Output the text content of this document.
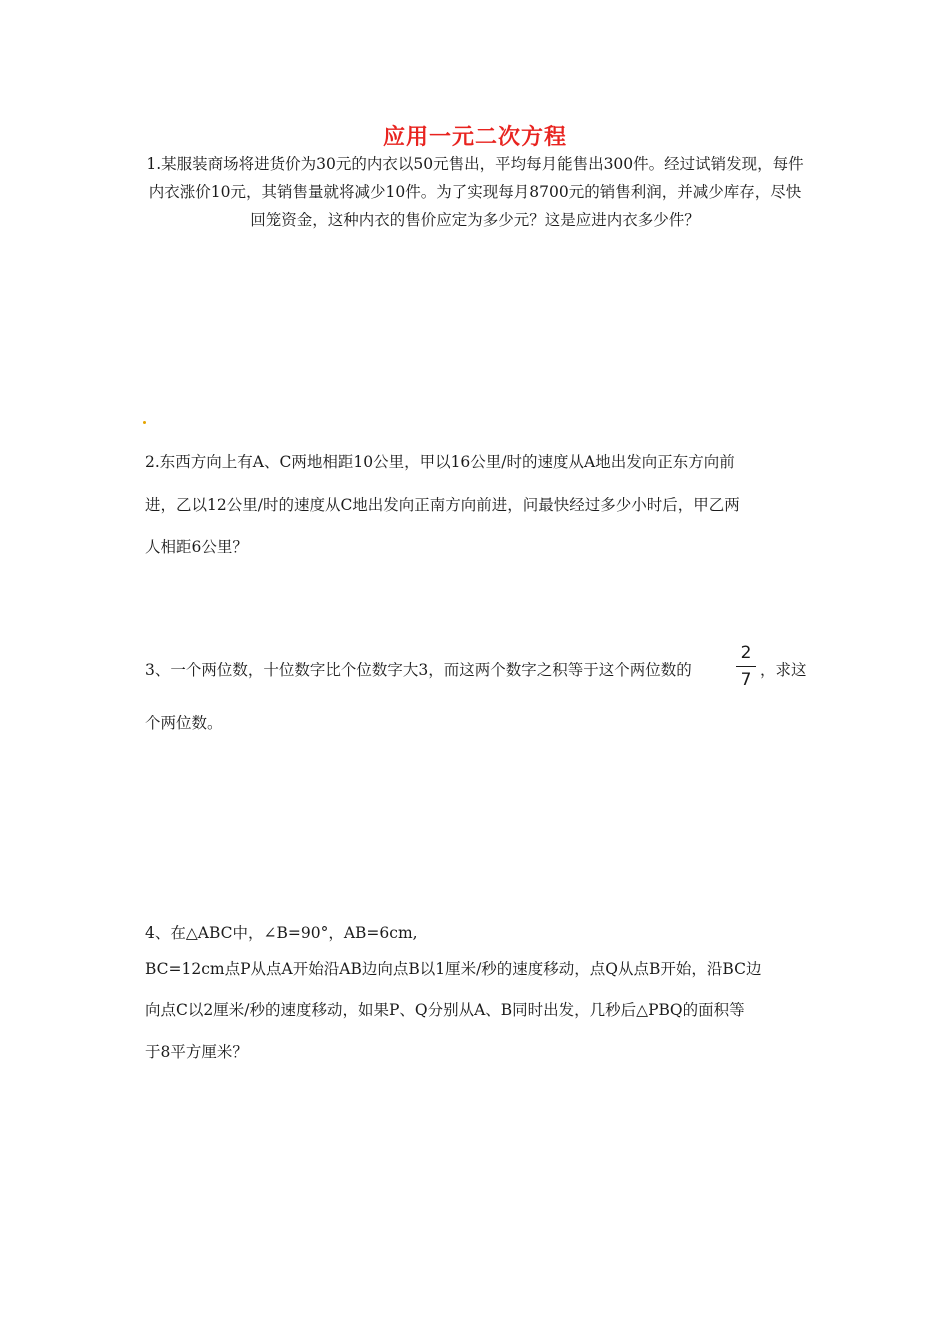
应用一元二次方程
1.某服装商场将进货价为30元的内衣以50元售出，平均每月能售出300件。经过试销发现，每件内衣涨价10元，其销售量就将减少10件。为了实现每月8700元的销售利润，并减少库存，尽快回笼资金，这种内衣的售价应定为多少元？这是应进内衣多少件？
2.东西方向上有A、C两地相距10公里，甲以16公里/时的速度从A地出发向正东方向前
进，乙以12公里/时的速度从C地出发向正南方向前进，问最快经过多少小时后，甲乙两
人相距6公里？
3、一个两位数，十位数字比个位数字大3，而这两个数字之积等于这个两位数的
2
7 ，求这
个两位数。
4、在△ABC中，∠B=90°，AB=6cm,
BC=12cm点P从点A开始沿AB边向点B以1厘米/秒的速度移动，点Q从点B开始，沿BC边
向点C以2厘米/秒的速度移动，如果P、Q分别从A、B同时出发，几秒后△PBQ的面积等
于8平方厘米？
